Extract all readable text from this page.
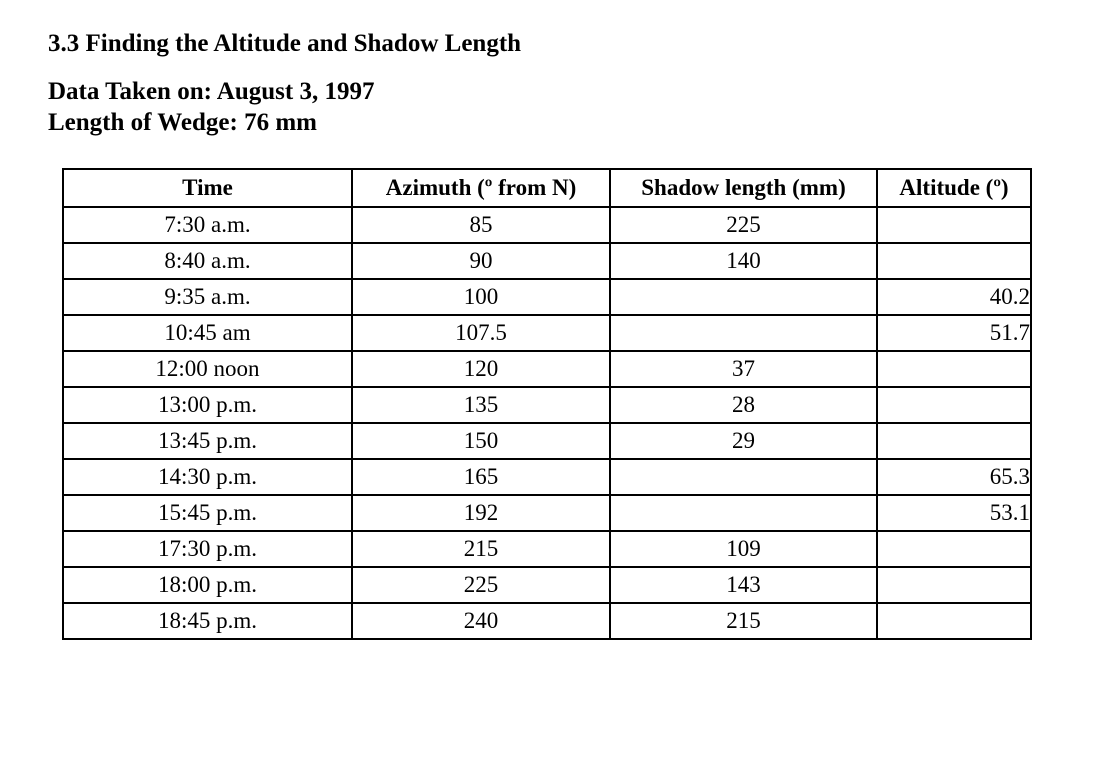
3.3 Finding the Altitude and Shadow Length
Data Taken on: August 3, 1997
Length of Wedge: 76 mm
Time	Azimuth (º from N)	Shadow length (mm)	Altitude (º)
7:30 a.m.	85	225	
8:40 a.m.	90	140	
9:35 a.m.	100		40.2
10:45 am	107.5		51.7
12:00 noon	120	37	
13:00 p.m.	135	28	
13:45 p.m.	150	29	
14:30 p.m.	165		65.3
15:45 p.m.	192		53.1
17:30 p.m.	215	109	
18:00 p.m.	225	143	
18:45 p.m.	240	215	
